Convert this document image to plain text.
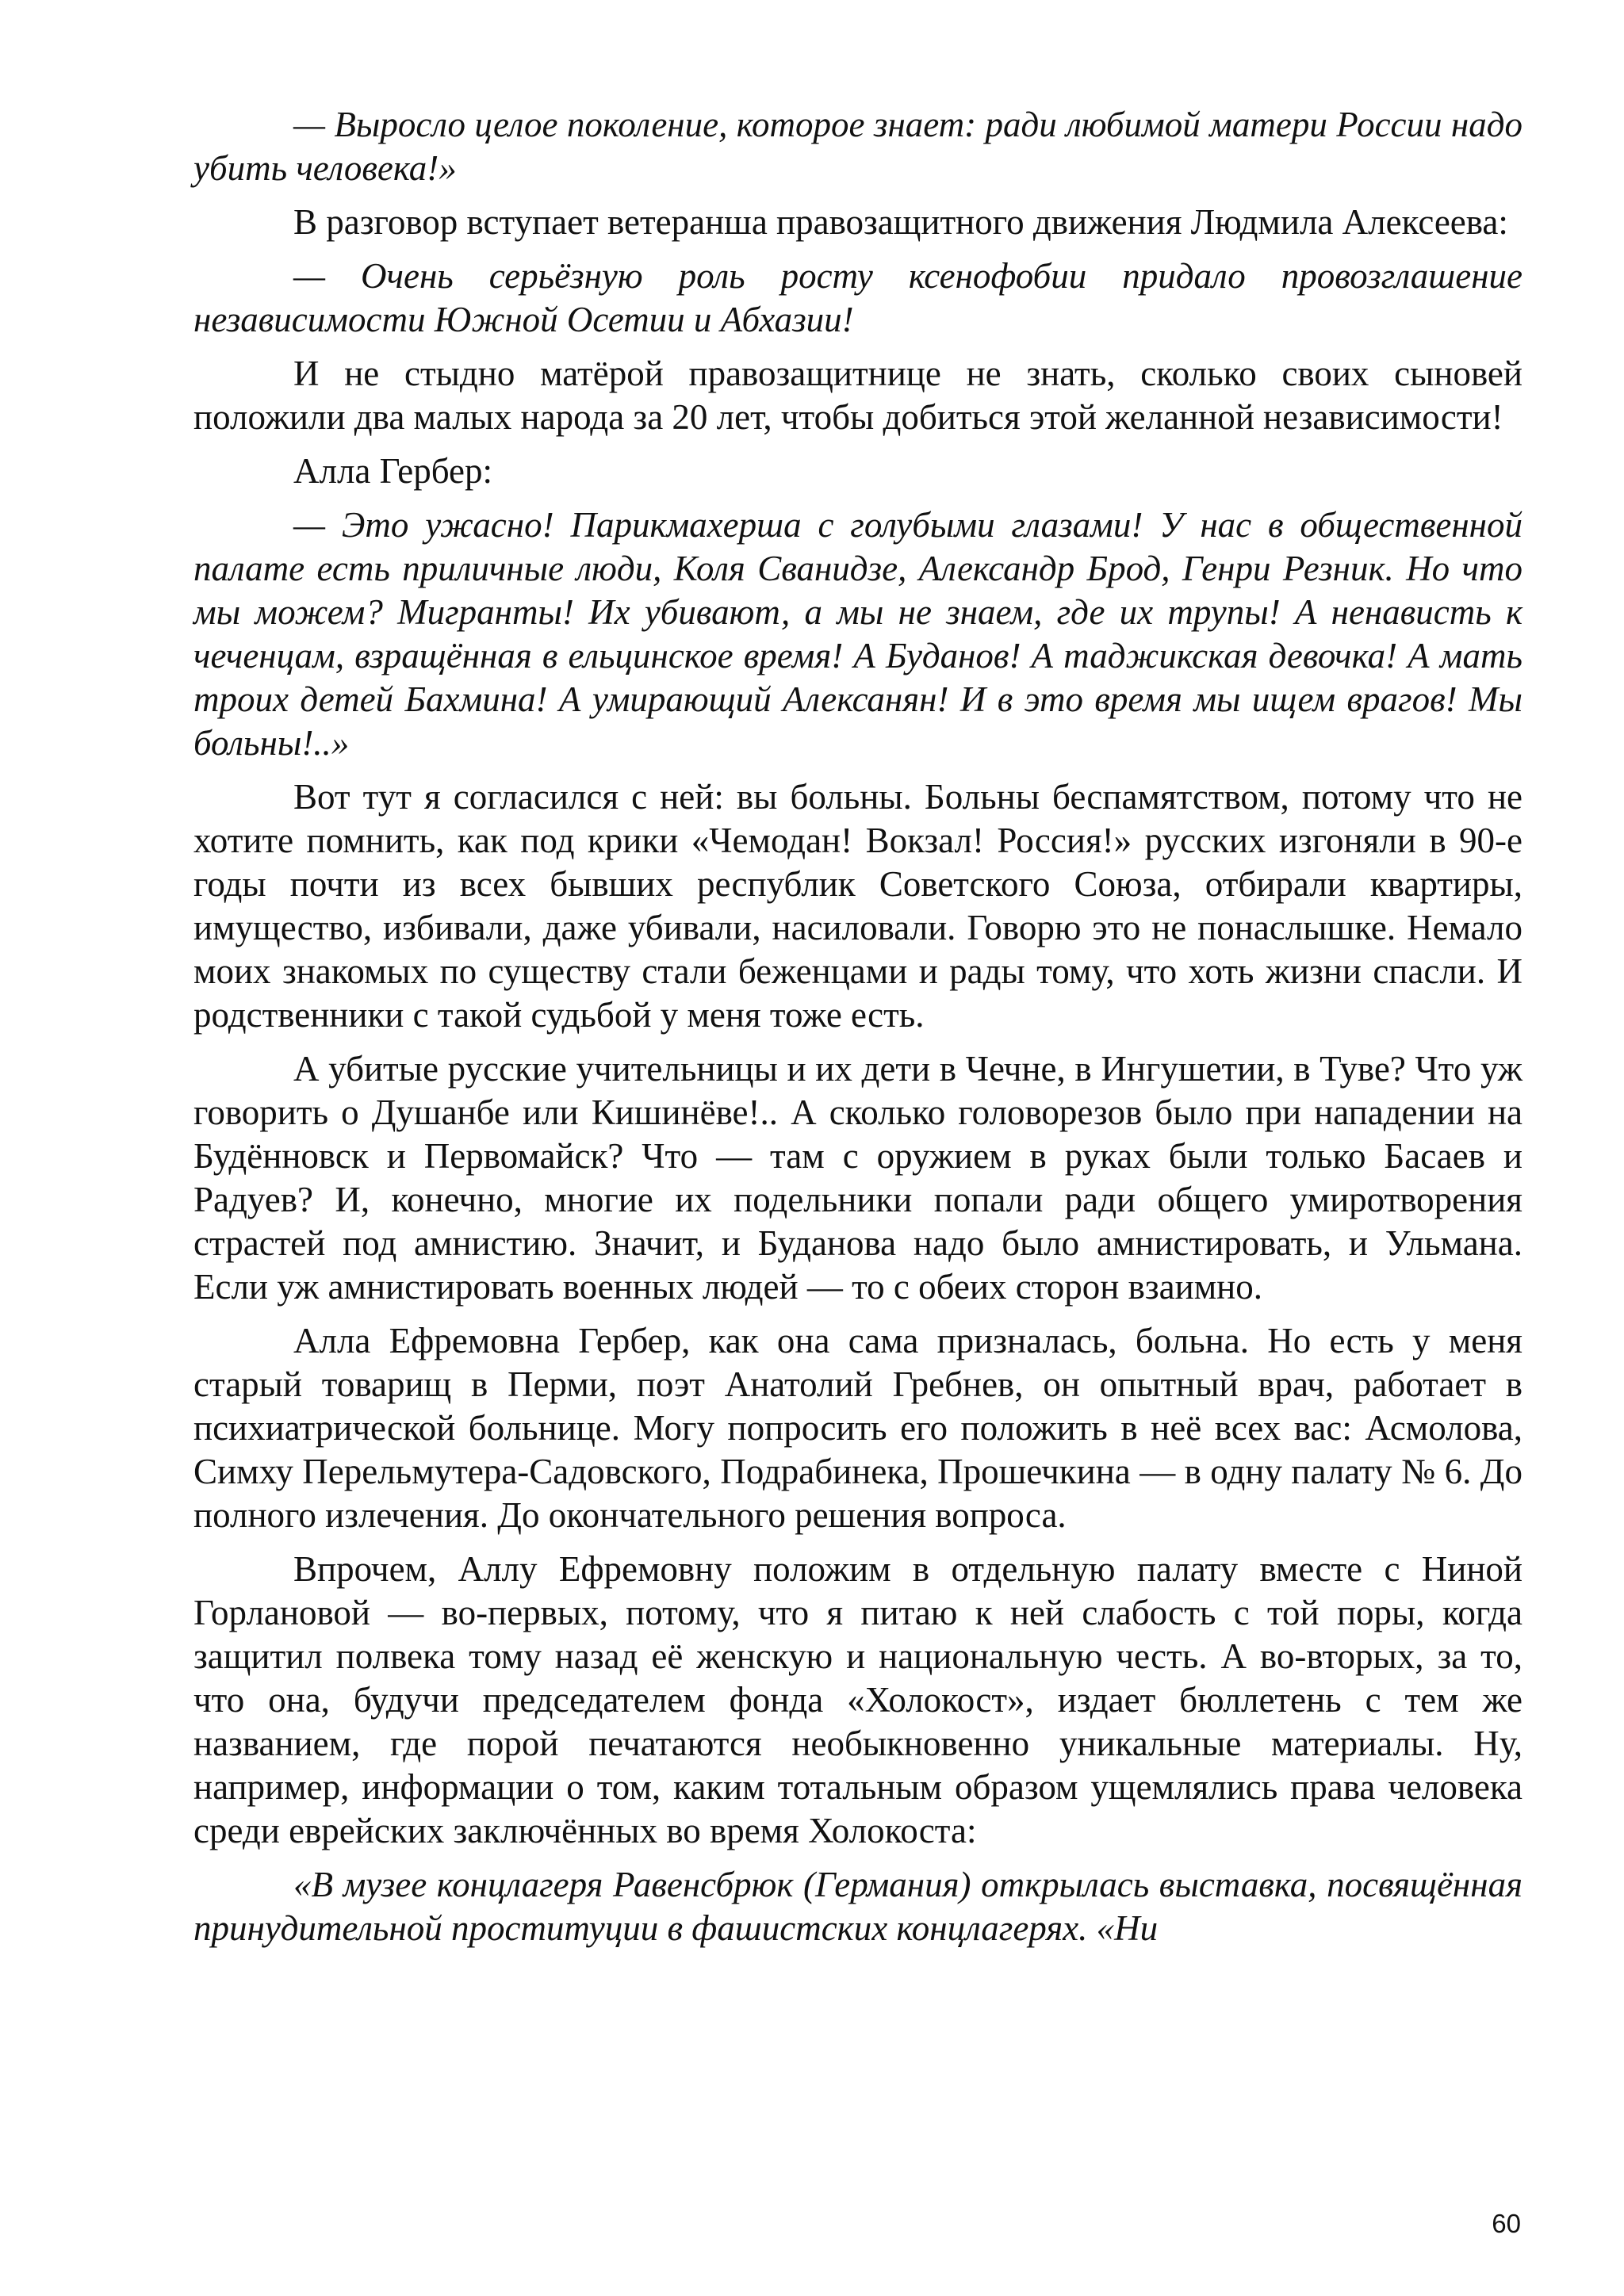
— Выросло целое поколение, которое знает: ради любимой матери России надо убить человека!»

В разговор вступает ветеранша правозащитного движения Людмила Алексеева:

— Очень серьёзную роль росту ксенофобии придало провозглашение независимости Южной Осетии и Абхазии!

И не стыдно матёрой правозащитнице не знать, сколько своих сыновей положили два малых народа за 20 лет, чтобы добиться этой желанной независимости!

Алла Гербер:

— Это ужасно! Парикмахерша с голубыми глазами! У нас в общественной палате есть приличные люди, Коля Сванидзе, Александр Брод, Генри Резник. Но что мы можем? Мигранты! Их убивают, а мы не знаем, где их трупы! А ненависть к чеченцам, взращённая в ельцинское время! А Буданов! А таджикская девочка! А мать троих детей Бахмина! А умирающий Алексанян! И в это время мы ищем врагов! Мы больны!..»

Вот тут я согласился с ней: вы больны. Больны беспамятством, потому что не хотите помнить, как под крики «Чемодан! Вокзал! Россия!» русских изгоняли в 90-е годы почти из всех бывших республик Советского Союза, отбирали квартиры, имущество, избивали, даже убивали, насиловали. Говорю это не понаслышке. Немало моих знакомых по существу стали беженцами и рады тому, что хоть жизни спасли. И родственники с такой судьбой у меня тоже есть.

А убитые русские учительницы и их дети в Чечне, в Ингушетии, в Туве? Что уж говорить о Душанбе или Кишинёве!.. А сколько головорезов было при нападении на Будённовск и Первомайск? Что — там с оружием в руках были только Басаев и Радуев? И, конечно, многие их подельники попали ради общего умиротворения страстей под амнистию. Значит, и Буданова надо было амнистировать, и Ульмана. Если уж амнистировать военных людей — то с обеих сторон взаимно.

Алла Ефремовна Гербер, как она сама призналась, больна. Но есть у меня старый товарищ в Перми, поэт Анатолий Гребнев, он опытный врач, работает в психиатрической больнице. Могу попросить его положить в неё всех вас: Асмолова, Симху Перельмутера-Садовского, Подрабинека, Прошечкина — в одну палату № 6. До полного излечения. До окончательного решения вопроса.

Впрочем, Аллу Ефремовну положим в отдельную палату вместе с Ниной Горлановой — во-первых, потому, что я питаю к ней слабость с той поры, когда защитил полвека тому назад её женскую и национальную честь. А во-вторых, за то, что она, будучи председателем фонда «Холокост», издает бюллетень с тем же названием, где порой печатаются необыкновенно уникальные материалы. Ну, например, информации о том, каким тотальным образом ущемлялись права человека среди еврейских заключённых во время Холокоста:

«В музее концлагеря Равенсбрюк (Германия) открылась выставка, посвящённая принудительной проституции в фашистских концлагерях. «Ни

60
